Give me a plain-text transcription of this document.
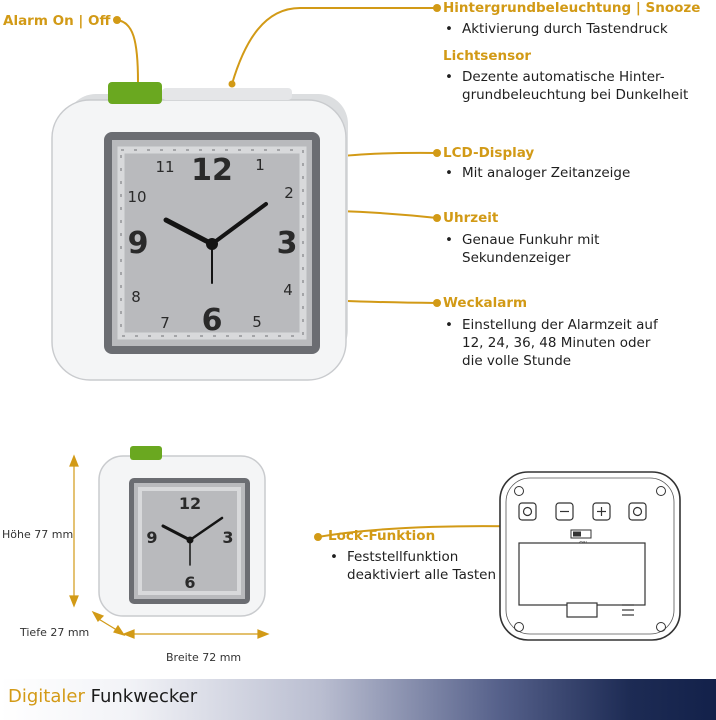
12 1
2
3
4
5
6
7
8
9
10
11
12
3
6
9
Alarm On | Off
Hintergrundbeleuchtung | Snooze
• Aktivierung durch Tastendruck
Lichtsensor
• Dezente automatische Hinter-
grundbeleuchtung bei Dunkelheit
LCD-Display
• Mit analoger Zeitanzeige
Uhrzeit
• Genaue Funkuhr mit
Sekundenzeiger
Weckalarm
• Einstellung der Alarmzeit auf
12, 24, 36, 48 Minuten oder
die volle Stunde
Lock-Funktion
• Feststellfunktion
deaktiviert alle Tasten
Höhe 77 mm
Tiefe 27 mm
Breite 72 mm
Digitaler Funkwecker
